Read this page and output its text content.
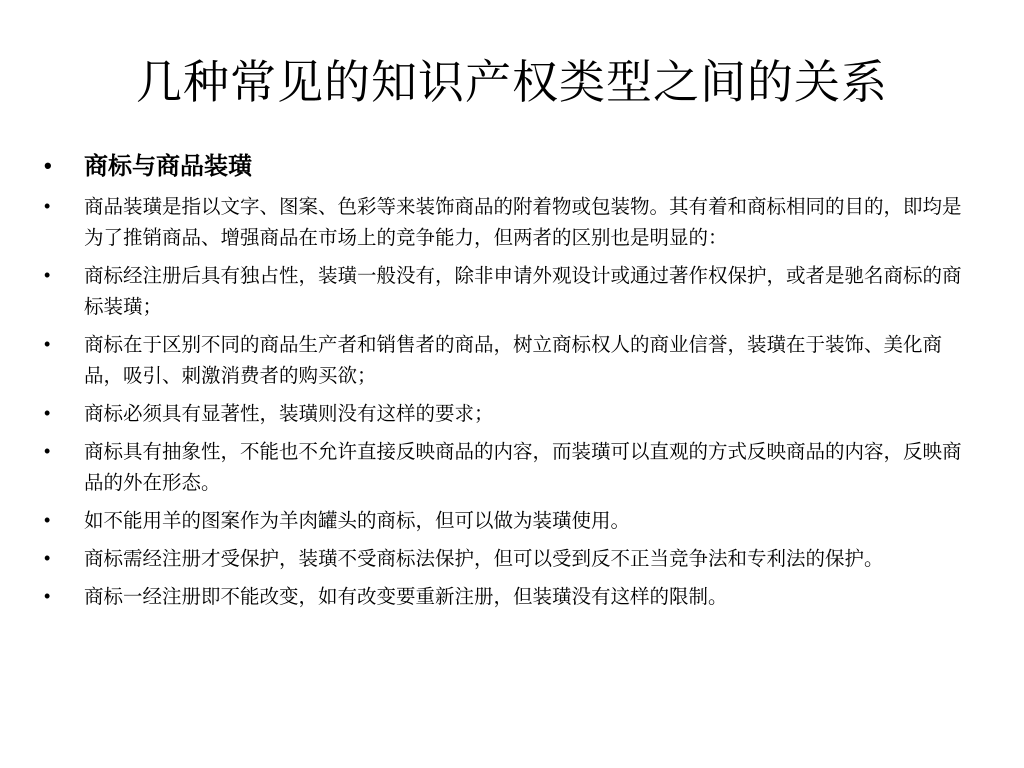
几种常见的知识产权类型之间的关系
• 商标与商品装璜
• 商品装璜是指以文字、图案、色彩等来装饰商品的附着物或包装物。其有着和商标相同的目的，即均是为了推销商品、增强商品在市场上的竞争能力，但两者的区别也是明显的：
• 商标经注册后具有独占性，装璜一般没有，除非申请外观设计或通过著作权保护，或者是驰名商标的商标装璜；
• 商标在于区别不同的商品生产者和销售者的商品，树立商标权人的商业信誉，装璜在于装饰、美化商品，吸引、刺激消费者的购买欲；
• 商标必须具有显著性，装璜则没有这样的要求；
• 商标具有抽象性，不能也不允许直接反映商品的内容，而装璜可以直观的方式反映商品的内容，反映商品的外在形态。
• 如不能用羊的图案作为羊肉罐头的商标，但可以做为装璜使用。
• 商标需经注册才受保护，装璜不受商标法保护，但可以受到反不正当竞争法和专利法的保护。
• 商标一经注册即不能改变，如有改变要重新注册，但装璜没有这样的限制。
